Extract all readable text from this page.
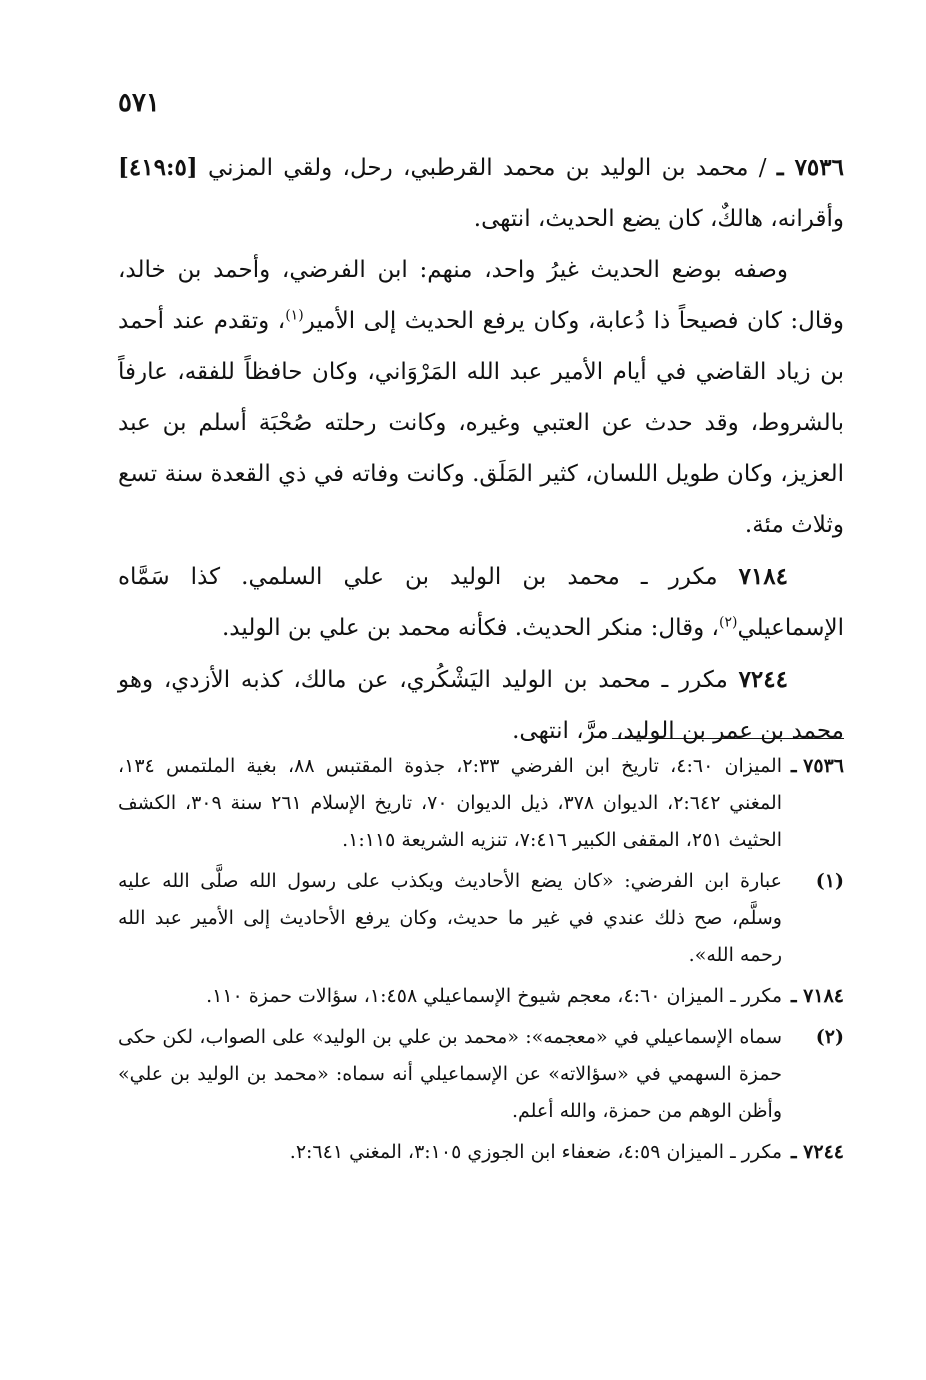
٥٧١

٧٥٣٦ ـ / محمد بن الوليد بن محمد القرطبي، رحل، ولقي المزني [٤١٩:٥] وأقرانه، هالكٌ، كان يضع الحديث، انتهى.

وصفه بوضع الحديث غيرُ واحد، منهم: ابن الفرضي، وأحمد بن خالد، وقال: كان فصيحاً ذا دُعابة، وكان يرفع الحديث إلى الأمير$^{(١)}$، وتقدم عند أحمد بن زياد القاضي في أيام الأمير عبد الله المَرْوَاني، وكان حافظاً للفقه، عارفاً بالشروط، وقد حدث عن العتبي وغيره، وكانت رحلته صُحْبَة أسلم بن عبد العزيز، وكان طويل اللسان، كثير المَلَق. وكانت وفاته في ذي القعدة سنة تسع وثلاث مئة.

٧١٨٤ مكرر ـ محمد بن الوليد بن علي السلمي. كذا سَمَّاه الإسماعيلي$^{(٢)}$، وقال: منكر الحديث. فكأنه محمد بن علي بن الوليد.

٧٢٤٤ مكرر ـ محمد بن الوليد اليَشْكُري، عن مالك، كذبه الأزدي، وهو محمد بن عمر بن الوليد، مرَّ، انتهى.

٧٥٣٦ ـ
الميزان ٤:٦٠، تاريخ ابن الفرضي ٢:٣٣، جذوة المقتبس ٨٨، بغية الملتمس ١٣٤، المغني ٢:٦٤٢، الديوان ٣٧٨، ذيل الديوان ٧٠، تاريخ الإسلام ٢٦١ سنة ٣٠٩، الكشف الحثيث ٢٥١، المقفى الكبير ٧:٤١٦، تنزيه الشريعة ١:١١٥.
(١)
عبارة ابن الفرضي: «كان يضع الأحاديث ويكذب على رسول الله صلَّى الله عليه وسلَّم، صح ذلك عندي في غير ما حديث، وكان يرفع الأحاديث إلى الأمير عبد الله رحمه الله».
٧١٨٤ ـ
مكرر ـ الميزان ٤:٦٠، معجم شيوخ الإسماعيلي ١:٤٥٨، سؤالات حمزة ١١٠.
(٢)
سماه الإسماعيلي في «معجمه»: «محمد بن علي بن الوليد» على الصواب، لكن حكى حمزة السهمي في «سؤالاته» عن الإسماعيلي أنه سماه: «محمد بن الوليد بن علي» وأظن الوهم من حمزة، والله أعلم.
٧٢٤٤ ـ
مكرر ـ الميزان ٤:٥٩، ضعفاء ابن الجوزي ٣:١٠٥، المغني ٢:٦٤١.
